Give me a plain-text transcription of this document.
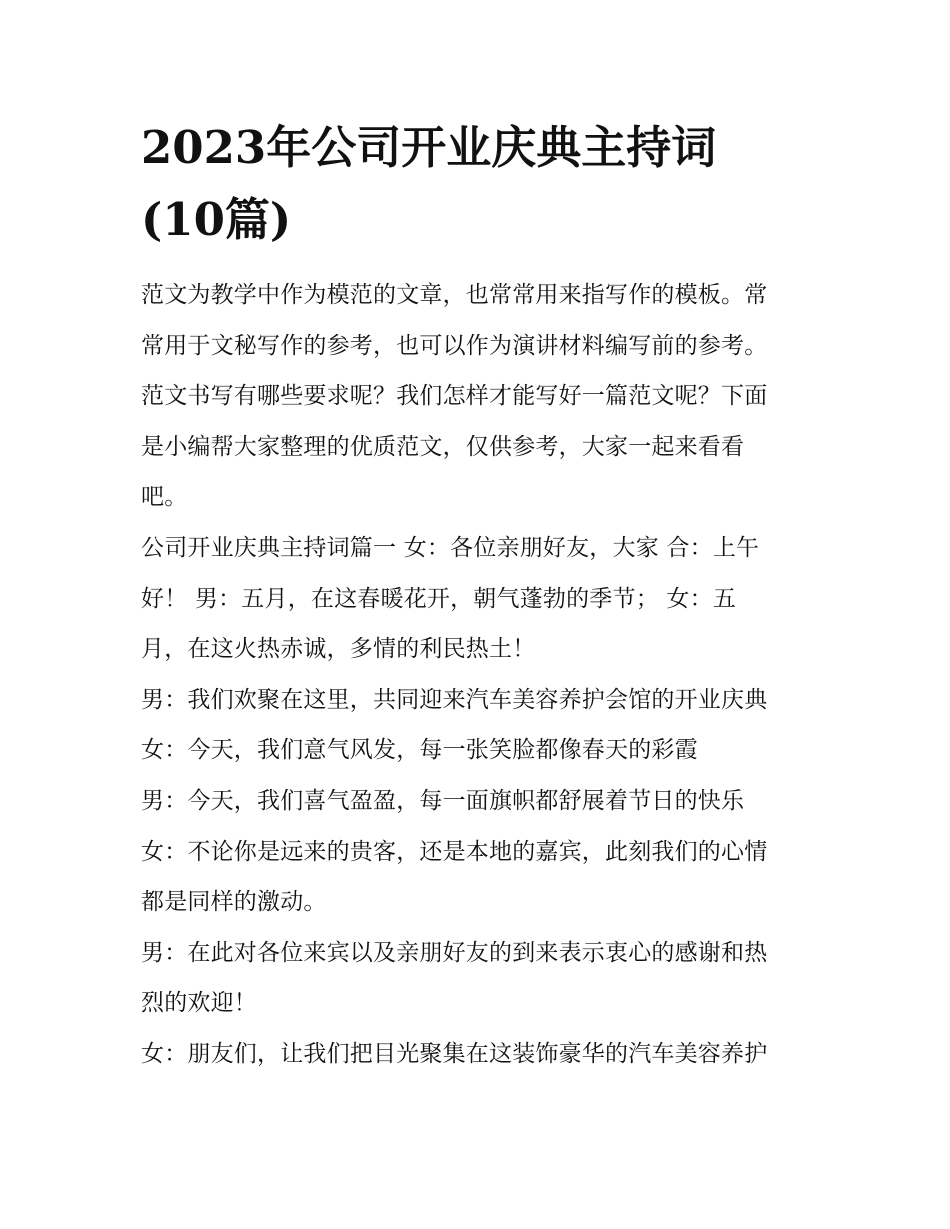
2023年公司开业庆典主持词
(10篇)

范文为教学中作为模范的文章，也常常用来指写作的模板。常
常用于文秘写作的参考，也可以作为演讲材料编写前的参考。
范文书写有哪些要求呢？我们怎样才能写好一篇范文呢？下面
是小编帮大家整理的优质范文，仅供参考，大家一起来看看
吧。

公司开业庆典主持词篇一 女：各位亲朋好友，大家 合：上午
好！ 男：五月，在这春暖花开，朝气蓬勃的季节； 女：五
月，在这火热赤诚，多情的利民热土！

男：我们欢聚在这里，共同迎来汽车美容养护会馆的开业庆典

女：今天，我们意气风发，每一张笑脸都像春天的彩霞

男：今天，我们喜气盈盈，每一面旗帜都舒展着节日的快乐

女：不论你是远来的贵客，还是本地的嘉宾，此刻我们的心情
都是同样的激动。

男：在此对各位来宾以及亲朋好友的到来表示衷心的感谢和热
烈的欢迎！

女：朋友们，让我们把目光聚集在这装饰豪华的汽车美容养护
